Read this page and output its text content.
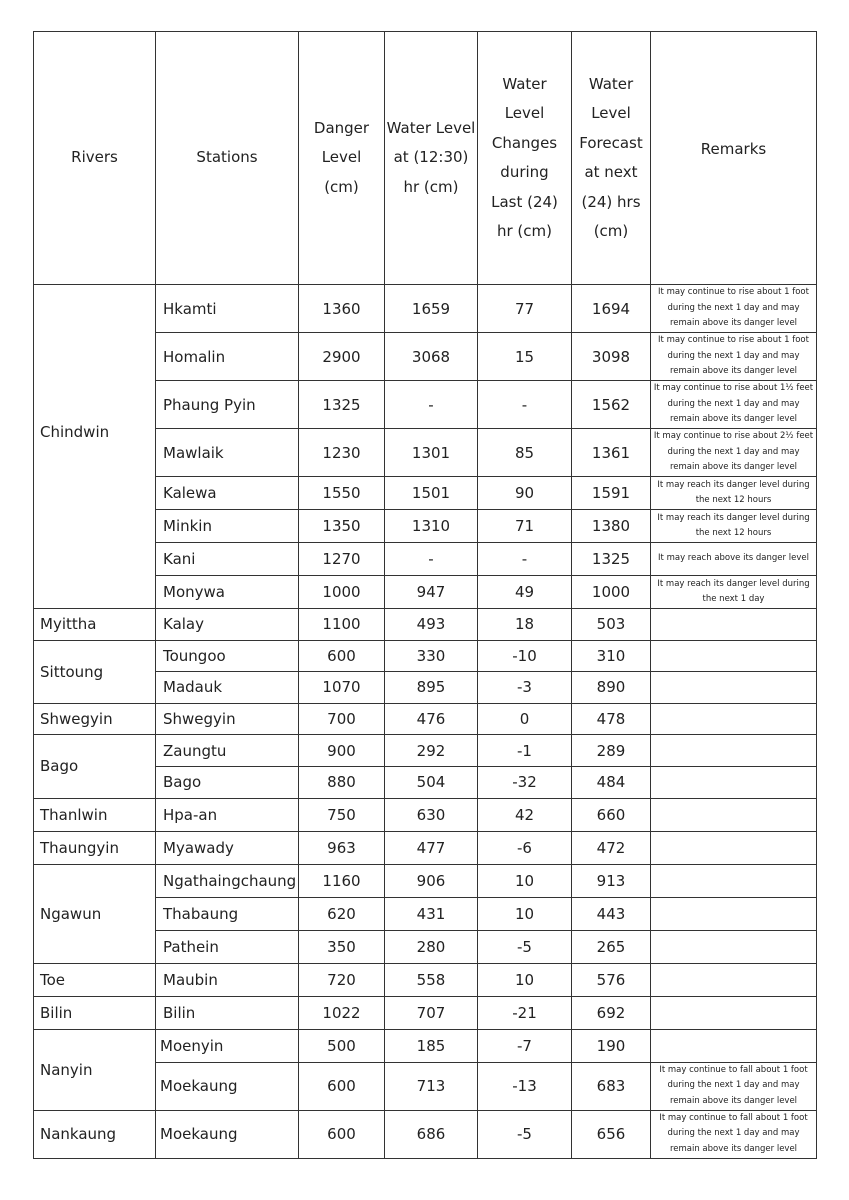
Rivers	Stations	Danger Level (cm)	Water Level at (12:30) hr (cm)	Water Level Changes during Last (24) hr (cm)	Water Level Forecast at next (24) hrs (cm)	Remarks
Chindwin	Hkamti	1360	1659	77	1694	It may continue to rise about 1 foot during the next 1 day and may remain above its danger level
	Homalin	2900	3068	15	3098	It may continue to rise about 1 foot during the next 1 day and may remain above its danger level
	Phaung Pyin	1325	-	-	1562	It may continue to rise about 1½ feet during the next 1 day and may remain above its danger level
	Mawlaik	1230	1301	85	1361	It may continue to rise about 2½ feet during the next 1 day and may remain above its danger level
	Kalewa	1550	1501	90	1591	It may reach its danger level during the next 12 hours
	Minkin	1350	1310	71	1380	It may reach its danger level during the next 12 hours
	Kani	1270	-	-	1325	It may reach above its danger level
	Monywa	1000	947	49	1000	It may reach its danger level during the next 1 day
Myittha	Kalay	1100	493	18	503	
Sittoung	Toungoo	600	330	-10	310	
	Madauk	1070	895	-3	890	
Shwegyin	Shwegyin	700	476	0	478	
Bago	Zaungtu	900	292	-1	289	
	Bago	880	504	-32	484	
Thanlwin	Hpa-an	750	630	42	660	
Thaungyin	Myawady	963	477	-6	472	
Ngawun	Ngathaingchaung	1160	906	10	913	
	Thabaung	620	431	10	443	
	Pathein	350	280	-5	265	
Toe	Maubin	720	558	10	576	
Bilin	Bilin	1022	707	-21	692	
Nanyin	Moenyin	500	185	-7	190	
	Moekaung	600	713	-13	683	It may continue to fall about 1 foot during the next 1 day and may remain above its danger level
Nankaung	Moekaung	600	686	-5	656	It may continue to fall about 1 foot during the next 1 day and may remain above its danger level
